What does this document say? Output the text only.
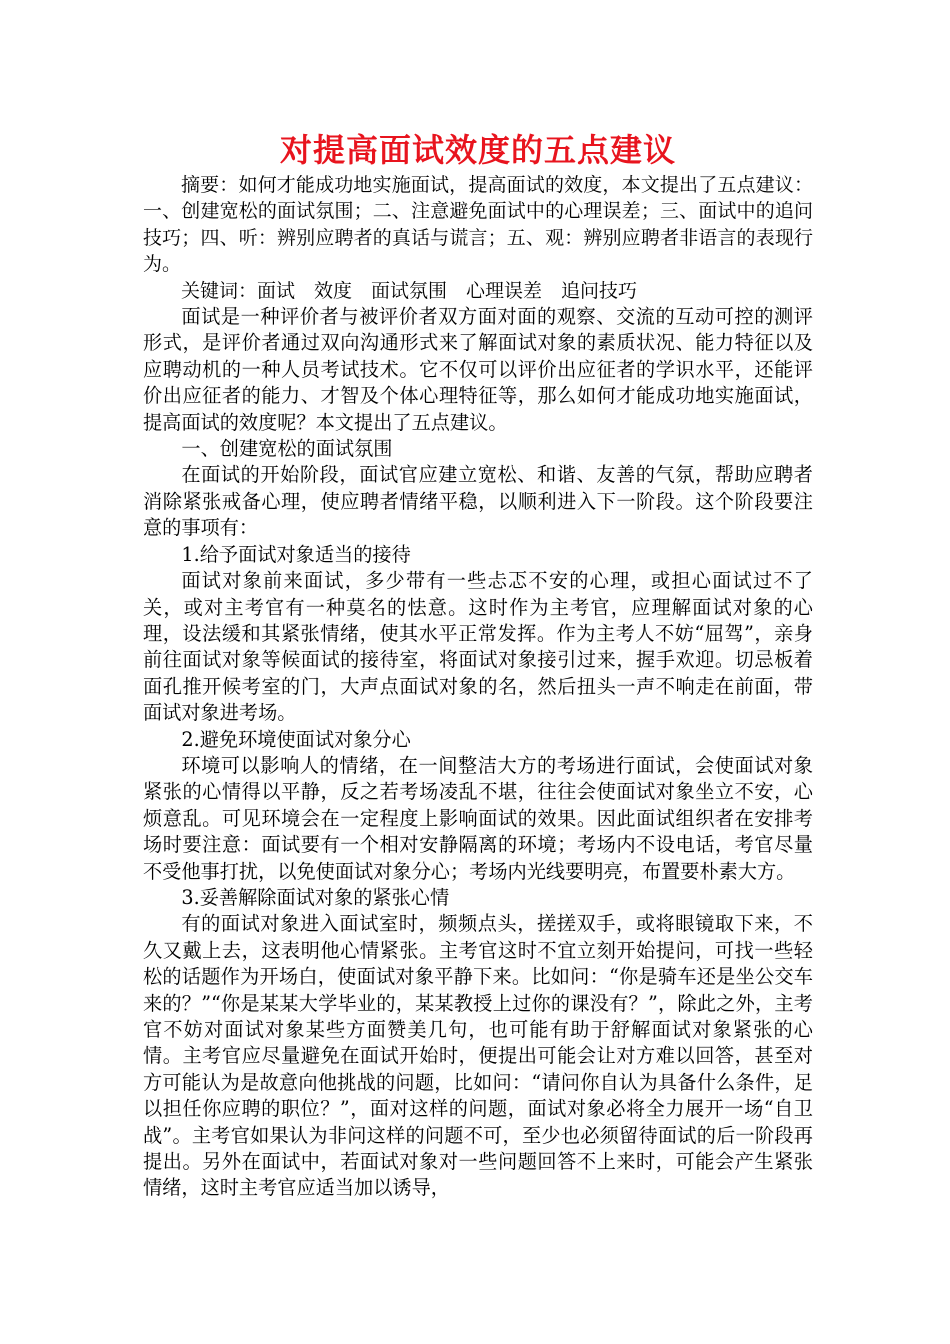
对提高面试效度的五点建议

摘要：如何才能成功地实施面试，提高面试的效度，本文提出了五点建议：一、创建宽松的面试氛围；二、注意避免面试中的心理误差；三、面试中的追问技巧；四、听：辨别应聘者的真话与谎言；五、观：辨别应聘者非语言的表现行为。

关键词：面试　效度　面试氛围　心理误差　追问技巧

面试是一种评价者与被评价者双方面对面的观察、交流的互动可控的测评形式，是评价者通过双向沟通形式来了解面试对象的素质状况、能力特征以及应聘动机的一种人员考试技术。它不仅可以评价出应征者的学识水平，还能评价出应征者的能力、才智及个体心理特征等，那么如何才能成功地实施面试，提高面试的效度呢？本文提出了五点建议。

一、创建宽松的面试氛围

在面试的开始阶段，面试官应建立宽松、和谐、友善的气氛，帮助应聘者消除紧张戒备心理，使应聘者情绪平稳，以顺利进入下一阶段。这个阶段要注意的事项有：

1.给予面试对象适当的接待

面试对象前来面试，多少带有一些忐忑不安的心理，或担心面试过不了关，或对主考官有一种莫名的怯意。这时作为主考官，应理解面试对象的心理，设法缓和其紧张情绪，使其水平正常发挥。作为主考人不妨“屈驾”，亲身前往面试对象等候面试的接待室，将面试对象接引过来，握手欢迎。切忌板着面孔推开候考室的门，大声点面试对象的名，然后扭头一声不响走在前面，带面试对象进考场。

2.避免环境使面试对象分心

环境可以影响人的情绪，在一间整洁大方的考场进行面试，会使面试对象紧张的心情得以平静，反之若考场凌乱不堪，往往会使面试对象坐立不安，心烦意乱。可见环境会在一定程度上影响面试的效果。因此面试组织者在安排考场时要注意：面试要有一个相对安静隔离的环境；考场内不设电话，考官尽量不受他事打扰，以免使面试对象分心；考场内光线要明亮，布置要朴素大方。

3.妥善解除面试对象的紧张心情

有的面试对象进入面试室时，频频点头，搓搓双手，或将眼镜取下来，不久又戴上去，这表明他心情紧张。主考官这时不宜立刻开始提问，可找一些轻松的话题作为开场白，使面试对象平静下来。比如问：“你是骑车还是坐公交车来的？”“你是某某大学毕业的，某某教授上过你的课没有？”，除此之外，主考官不妨对面试对象某些方面赞美几句，也可能有助于舒解面试对象紧张的心情。主考官应尽量避免在面试开始时，便提出可能会让对方难以回答，甚至对方可能认为是故意向他挑战的问题，比如问：“请问你自认为具备什么条件，足以担任你应聘的职位？”，面对这样的问题，面试对象必将全力展开一场“自卫战”。主考官如果认为非问这样的问题不可，至少也必须留待面试的后一阶段再提出。另外在面试中，若面试对象对一些问题回答不上来时，可能会产生紧张情绪，这时主考官应适当加以诱导，
